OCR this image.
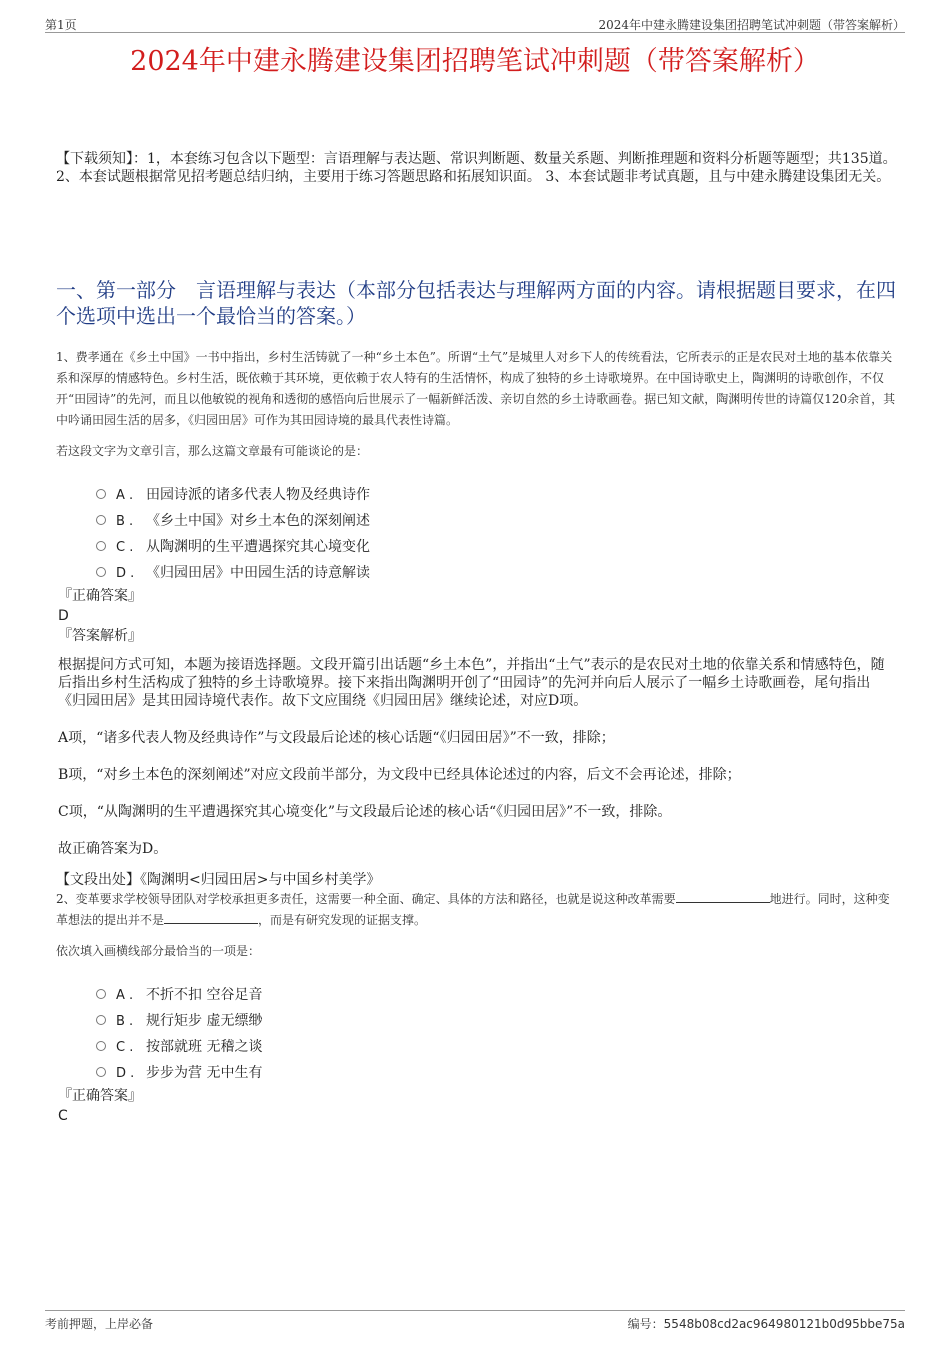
第1页	2024年中建永腾建设集团招聘笔试冲刺题（带答案解析）
2024年中建永腾建设集团招聘笔试冲刺题（带答案解析）
【下载须知】：1，本套练习包含以下题型：言语理解与表达题、常识判断题、数量关系题、判断推理题和资料分析题等题型；共135道。 2、本套试题根据常见招考题总结归纳，主要用于练习答题思路和拓展知识面。 3、本套试题非考试真题，且与中建永腾建设集团无关。
一、第一部分　言语理解与表达（本部分包括表达与理解两方面的内容。请根据题目要求，在四个选项中选出一个最恰当的答案。）

1、费孝通在《乡土中国》一书中指出，乡村生活铸就了一种“乡土本色”。所谓“土气”是城里人对乡下人的传统看法，它所表示的正是农民对土地的基本依靠关系和深厚的情感特色。乡村生活，既依赖于其环境，更依赖于农人特有的生活情怀，构成了独特的乡土诗歌境界。在中国诗歌史上，陶渊明的诗歌创作，不仅开“田园诗”的先河，而且以他敏锐的视角和透彻的感悟向后世展示了一幅新鲜活泼、亲切自然的乡土诗歌画卷。据已知文献，陶渊明传世的诗篇仅120余首，其中吟诵田园生活的居多，《归园田居》可作为其田园诗境的最具代表性诗篇。

若这段文字为文章引言，那么这篇文章最有可能谈论的是：

A . 田园诗派的诸多代表人物及经典诗作
B . 《乡土中国》对乡土本色的深刻阐述
C . 从陶渊明的生平遭遇探究其心境变化
D . 《归园田居》中田园生活的诗意解读
『正确答案』
D
『答案解析』

根据提问方式可知，本题为接语选择题。文段开篇引出话题“乡土本色”，并指出“土气”表示的是农民对土地的依靠关系和情感特色，随后指出乡村生活构成了独特的乡土诗歌境界。接下来指出陶渊明开创了“田园诗”的先河并向后人展示了一幅乡土诗歌画卷，尾句指出《归园田居》是其田园诗境代表作。故下文应围绕《归园田居》继续论述，对应D项。

A项，“诸多代表人物及经典诗作”与文段最后论述的核心话题“《归园田居》”不一致，排除；

B项，“对乡土本色的深刻阐述”对应文段前半部分，为文段中已经具体论述过的内容，后文不会再论述，排除；

C项，“从陶渊明的生平遭遇探究其心境变化”与文段最后论述的核心话“《归园田居》”不一致，排除。

故正确答案为D。

【文段出处】《陶渊明<归园田居>与中国乡村美学》

2、变革要求学校领导团队对学校承担更多责任，这需要一种全面、确定、具体的方法和路径，也就是说这种改革需要	地进行。同时，这种变革想法的提出并不是	，而是有研究发现的证据支撑。

依次填入画横线部分最恰当的一项是：

A . 不折不扣 空谷足音
B . 规行矩步 虚无缥缈
C . 按部就班 无稽之谈
D . 步步为营 无中生有
『正确答案』
C
考前押题，上岸必备	编号：5548b08cd2ac964980121b0d95bbe75a
